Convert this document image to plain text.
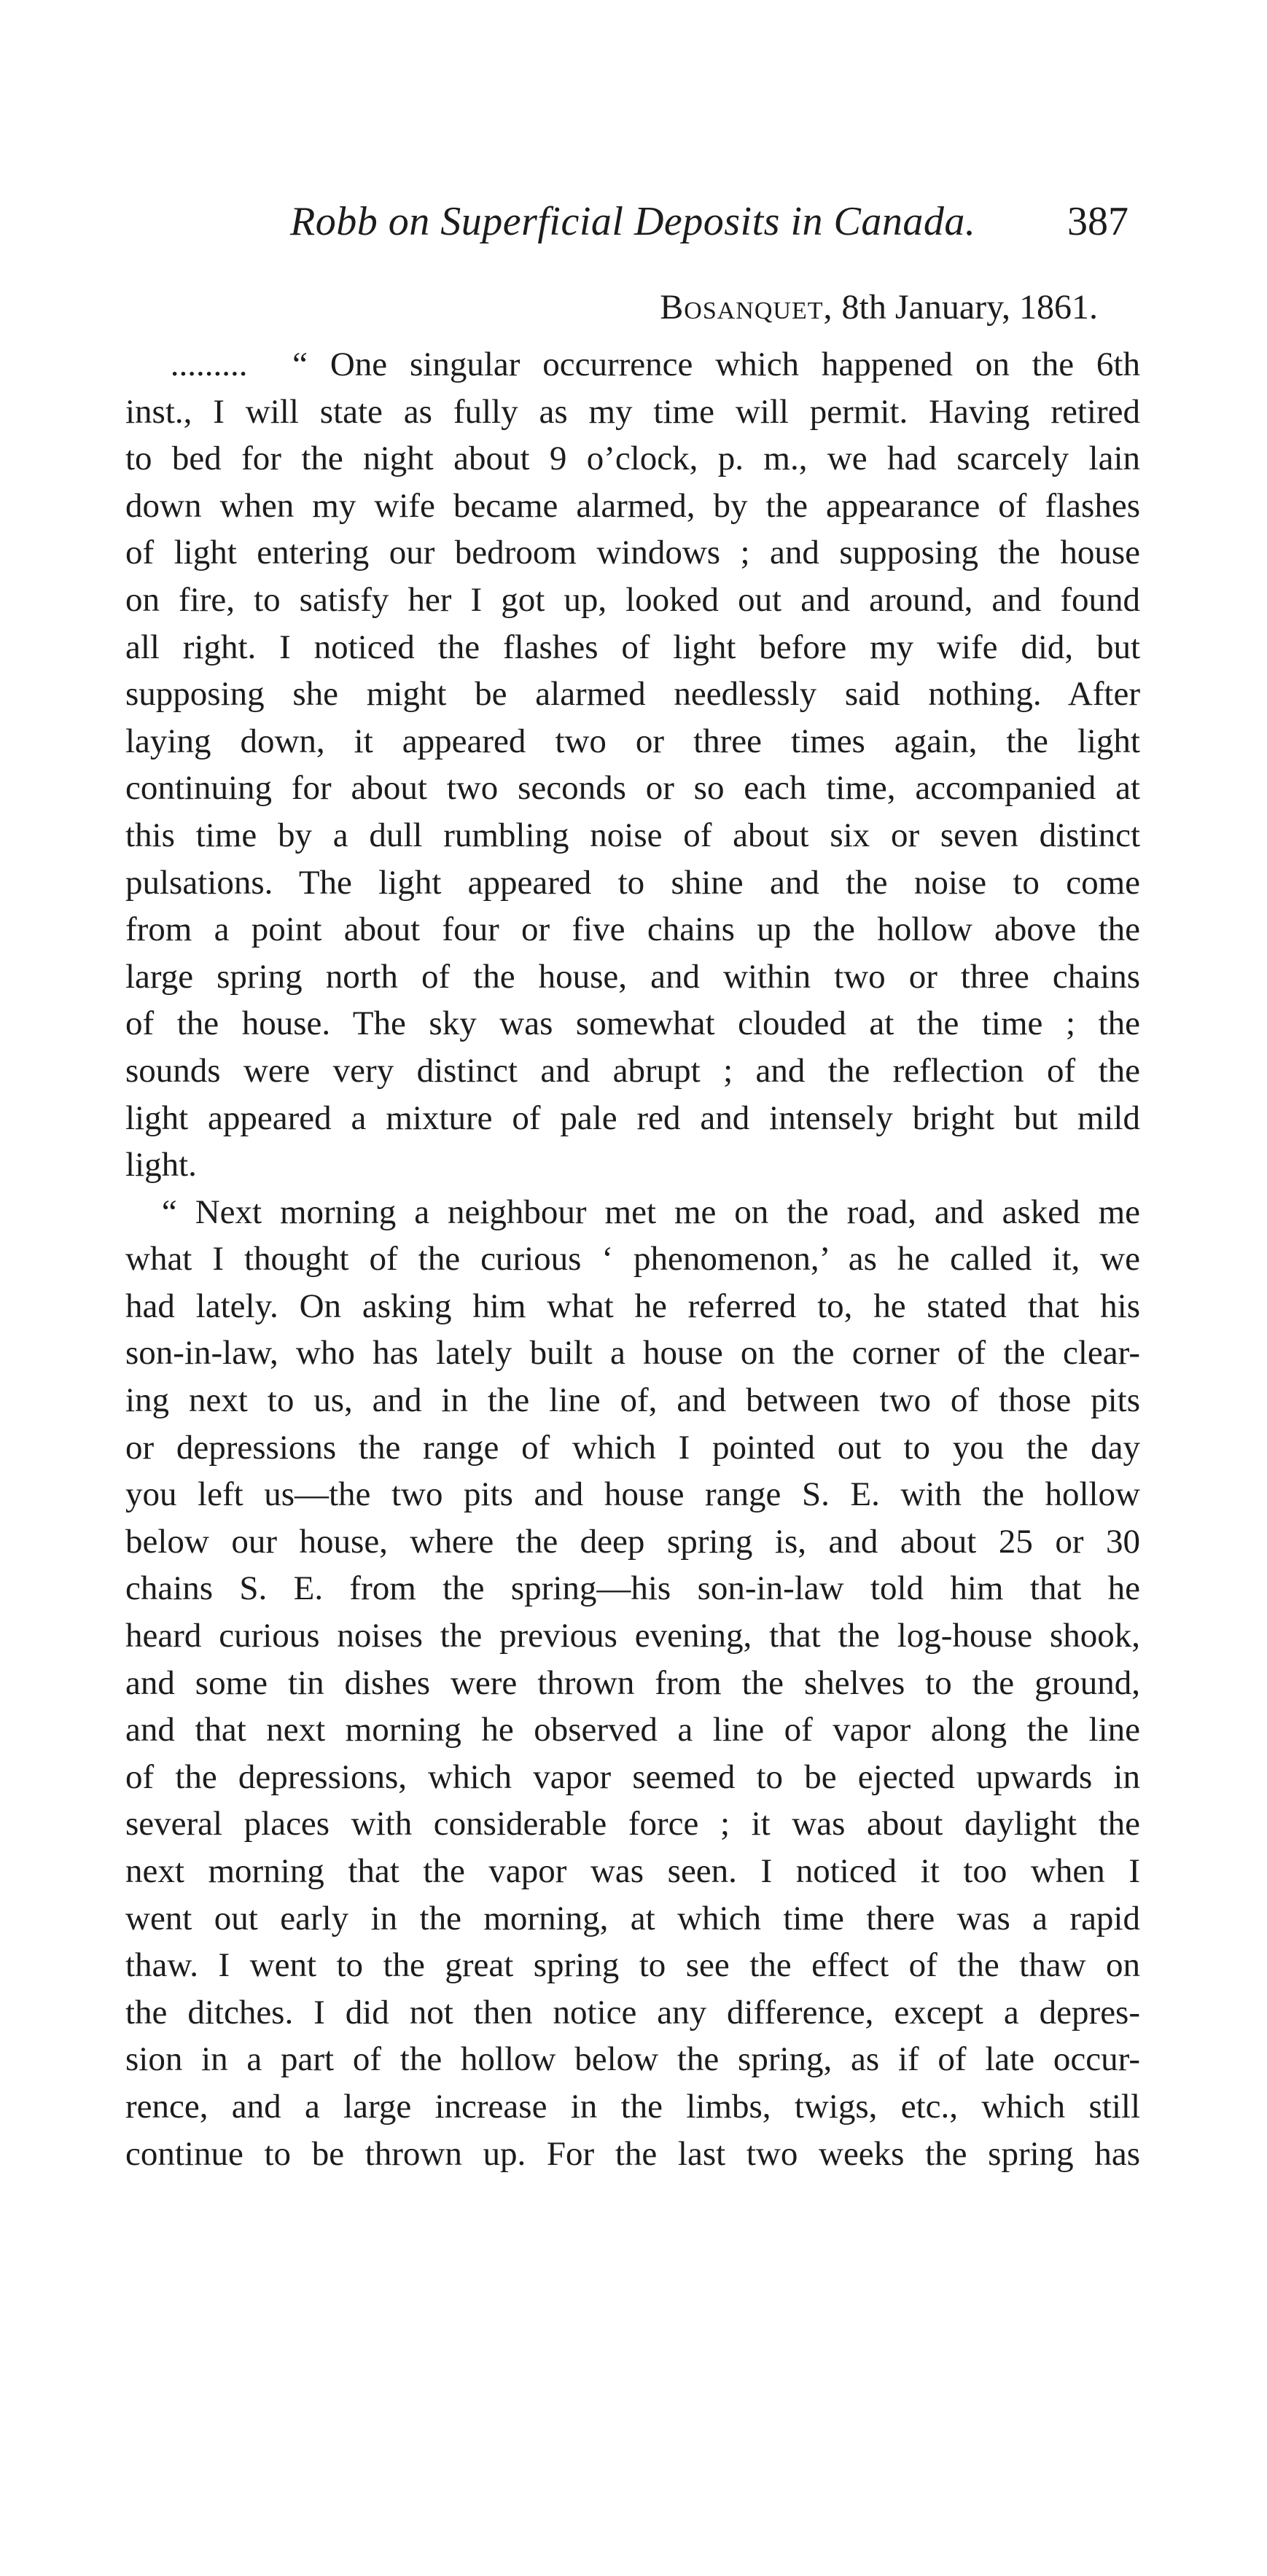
Robb on Superficial Deposits in Canada. 387
Bosanquet, 8th January, 1861.
.........  “ One singular occurrence which happened on the 6th
inst., I will state as fully as my time will permit. Having retired
to bed for the night about 9 o’clock, p. m., we had scarcely lain
down when my wife became alarmed, by the appearance of flashes
of light entering our bedroom windows ; and supposing the house
on fire, to satisfy her I got up, looked out and around, and found
all right. I noticed the flashes of light before my wife did, but
supposing she might be alarmed needlessly said nothing. After
laying down, it appeared two or three times again, the light
continuing for about two seconds or so each time, accompanied at
this time by a dull rumbling noise of about six or seven distinct
pulsations. The light appeared to shine and the noise to come
from a point about four or five chains up the hollow above the
large spring north of the house, and within two or three chains
of the house. The sky was somewhat clouded at the time ; the
sounds were very distinct and abrupt ; and the reflection of the
light appeared a mixture of pale red and intensely bright but mild
light.
“ Next morning a neighbour met me on the road, and asked me
what I thought of the curious ‘ phenomenon,’ as he called it, we
had lately. On asking him what he referred to, he stated that his
son-in-law, who has lately built a house on the corner of the clear-
ing next to us, and in the line of, and between two of those pits
or depressions the range of which I pointed out to you the day
you left us—the two pits and house range S. E. with the hollow
below our house, where the deep spring is, and about 25 or 30
chains S. E. from the spring—his son-in-law told him that he
heard curious noises the previous evening, that the log-house shook,
and some tin dishes were thrown from the shelves to the ground,
and that next morning he observed a line of vapor along the line
of the depressions, which vapor seemed to be ejected upwards in
several places with considerable force ; it was about daylight the
next morning that the vapor was seen. I noticed it too when I
went out early in the morning, at which time there was a rapid
thaw. I went to the great spring to see the effect of the thaw on
the ditches. I did not then notice any difference, except a depres-
sion in a part of the hollow below the spring, as if of late occur-
rence, and a large increase in the limbs, twigs, etc., which still
continue to be thrown up. For the last two weeks the spring has
